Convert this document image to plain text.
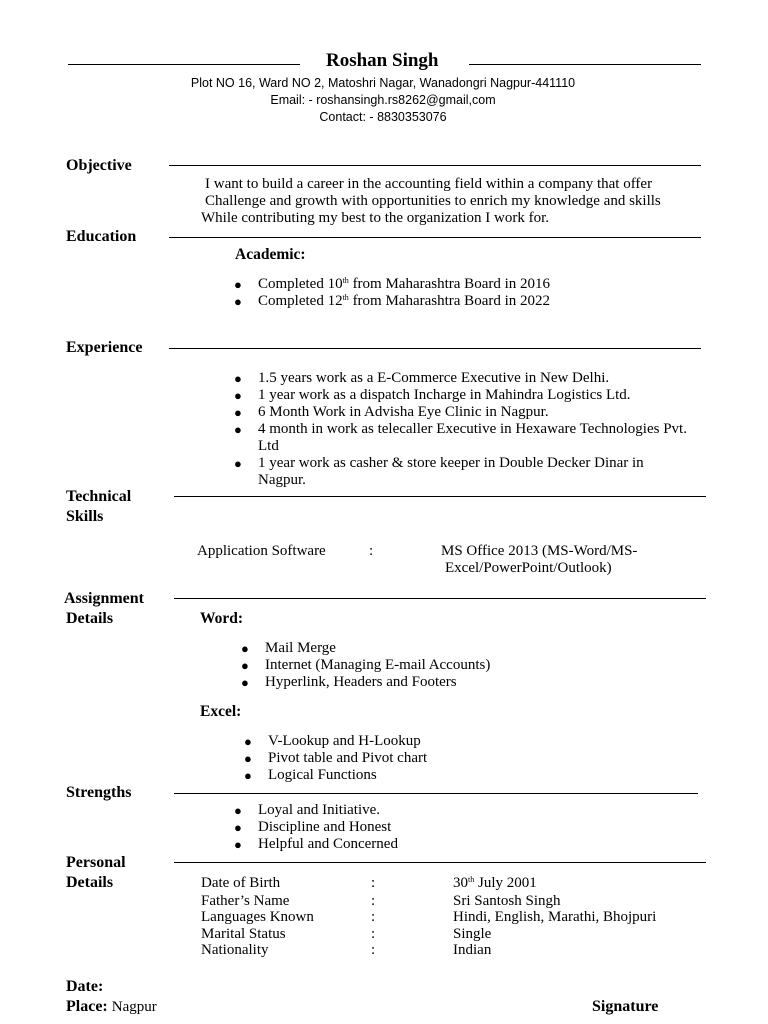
Roshan Singh
Plot NO 16, Ward NO 2, Matoshri Nagar, Wanadongri Nagpur-441110
Email: - roshansingh.rs8262@gmail,com
Contact: - 8830353076
Objective
I want to build a career in the accounting field within a company that offer
Challenge and growth with opportunities to enrich my knowledge and skills
While contributing my best to the organization I work for.
Education
Academic:
● Completed 10th from Maharashtra Board in 2016
● Completed 12th from Maharashtra Board in 2022
Experience
● 1.5 years work as a E-Commerce Executive in New Delhi.
● 1 year work as a dispatch Incharge in Mahindra Logistics Ltd.
● 6 Month Work in Advisha Eye Clinic in Nagpur.
● 4 month in work as telecaller Executive in Hexaware Technologies Pvt. Ltd
● 1 year work as casher & store keeper in Double Decker Dinar in Nagpur.
Technical
Skills
Application Software	:	MS Office 2013 (MS-Word/MS-
Excel/PowerPoint/Outlook)
Assignment
Details	Word:
● Mail Merge
● Internet (Managing E-mail Accounts)
● Hyperlink, Headers and Footers
Excel:
● V-Lookup and H-Lookup
● Pivot table and Pivot chart
● Logical Functions
Strengths
● Loyal and Initiative.
● Discipline and Honest
● Helpful and Concerned
Personal
Details	Date of Birth	:	30th July 2001
Father’s Name	:	Sri Santosh Singh
Languages Known	:	Hindi, English, Marathi, Bhojpuri
Marital Status	:	Single
Nationality	:	Indian
Date:
Place: Nagpur	Signature
